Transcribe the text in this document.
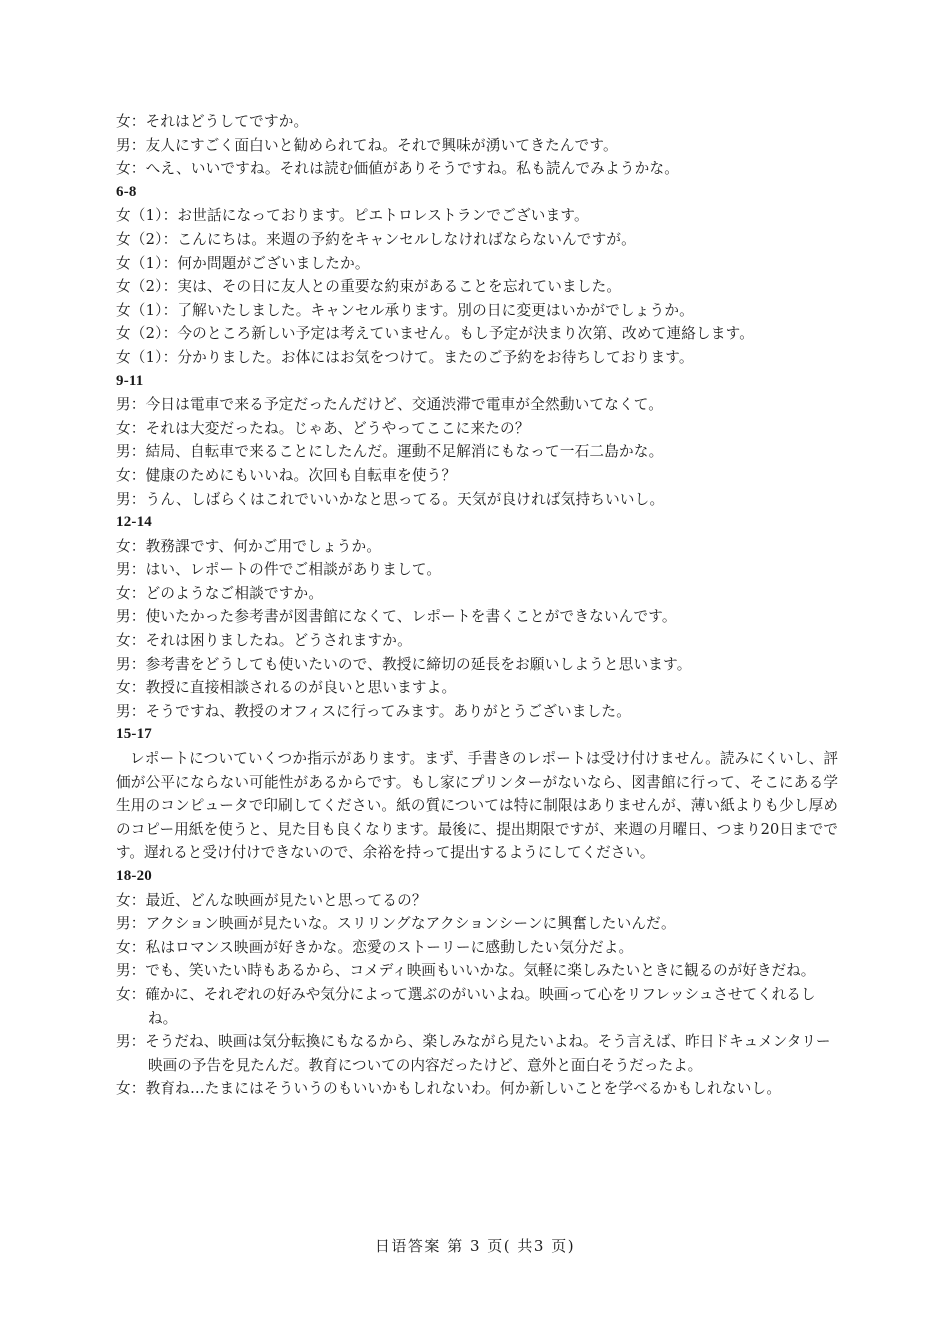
女：それはどうしてですか。
男：友人にすごく面白いと勧められてね。それで興味が湧いてきたんです。
女：へえ、いいですね。それは読む価値がありそうですね。私も読んでみようかな。
6-8
女（1）：お世話になっております。ピエトロレストランでございます。
女（2）：こんにちは。来週の予約をキャンセルしなければならないんですが。
女（1）：何か問題がございましたか。
女（2）：実は、その日に友人との重要な約束があることを忘れていました。
女（1）：了解いたしました。キャンセル承ります。別の日に変更はいかがでしょうか。
女（2）：今のところ新しい予定は考えていません。もし予定が決まり次第、改めて連絡します。
女（1）：分かりました。お体にはお気をつけて。またのご予約をお待ちしております。
9-11
男：今日は電車で来る予定だったんだけど、交通渋滞で電車が全然動いてなくて。
女：それは大変だったね。じゃあ、どうやってここに来たの？
男：結局、自転車で来ることにしたんだ。運動不足解消にもなって一石二島かな。
女：健康のためにもいいね。次回も自転車を使う？
男：うん、しばらくはこれでいいかなと思ってる。天気が良ければ気持ちいいし。
12-14
女：教務課です、何かご用でしょうか。
男：はい、レポートの件でご相談がありまして。
女：どのようなご相談ですか。
男：使いたかった参考書が図書館になくて、レポートを書くことができないんです。
女：それは困りましたね。どうされますか。
男：参考書をどうしても使いたいので、教授に締切の延長をお願いしようと思います。
女：教授に直接相談されるのが良いと思いますよ。
男：そうですね、教授のオフィスに行ってみます。ありがとうございました。
15-17
レポートについていくつか指示があります。まず、手書きのレポートは受け付けません。読みにくいし、評価が公平にならない可能性があるからです。もし家にプリンターがないなら、図書館に行って、そこにある学生用のコンピュータで印刷してください。紙の質については特に制限はありませんが、薄い紙よりも少し厚めのコピー用紙を使うと、見た目も良くなります。最後に、提出期限ですが、来週の月曜日、つまり20日までです。遅れると受け付けできないので、余裕を持って提出するようにしてください。
18-20
女：最近、どんな映画が見たいと思ってるの？
男：アクション映画が見たいな。スリリングなアクションシーンに興奮したいんだ。
女：私はロマンス映画が好きかな。恋愛のストーリーに感動したい気分だよ。
男：でも、笑いたい時もあるから、コメディ映画もいいかな。気軽に楽しみたいときに観るのが好きだね。
女：確かに、それぞれの好みや気分によって選ぶのがいいよね。映画って心をリフレッシュさせてくれるしね。
男：そうだね、映画は気分転換にもなるから、楽しみながら見たいよね。そう言えば、昨日ドキュメンタリー映画の予告を見たんだ。教育についての内容だったけど、意外と面白そうだったよ。
女：教育ね…たまにはそういうのもいいかもしれないわ。何か新しいことを学べるかもしれないし。
日语答案 第 3 页( 共3 页)
